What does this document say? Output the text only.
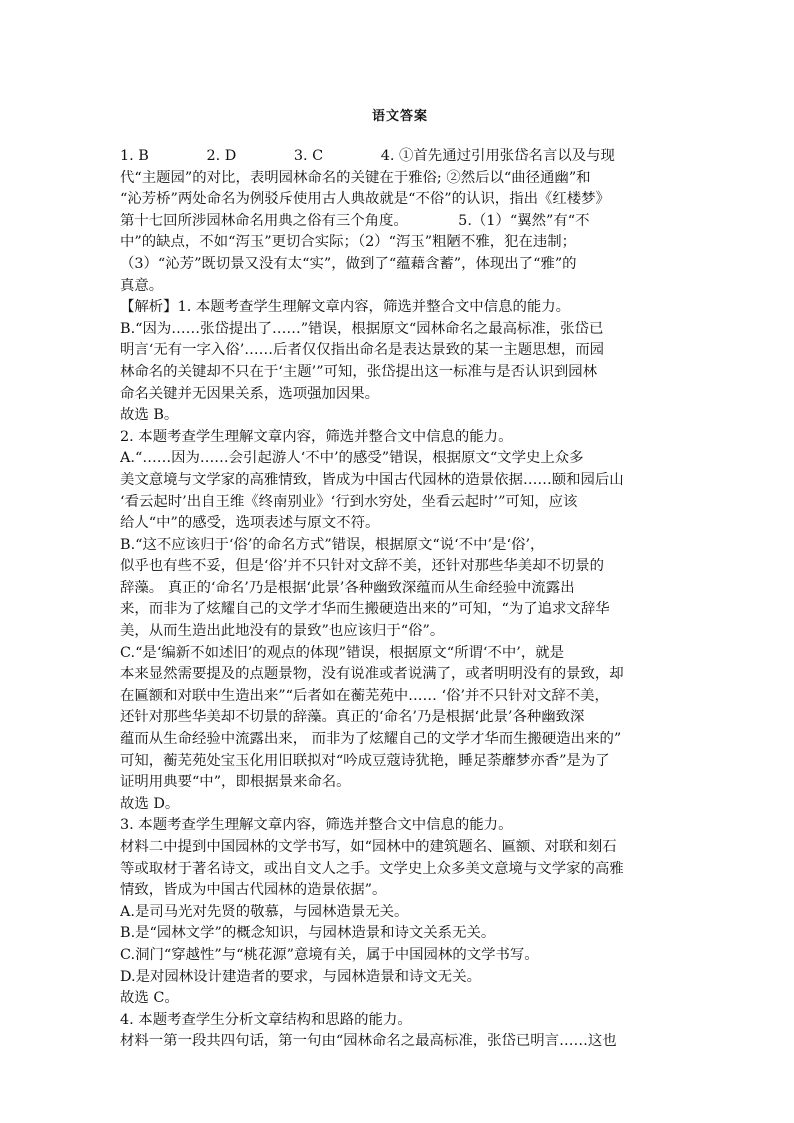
语文答案
1. B　　　　2. D　　　　3. C　　　　4. ①首先通过引用张岱名言以及与现
代“主题园”的对比，表明园林命名的关键在于雅俗; ②然后以“曲径通幽”和
“沁芳桥”两处命名为例驳斥使用古人典故就是“不俗”的认识，指出《红楼梦》
第十七回所涉园林命名用典之俗有三个角度。　　　　5.（1）“翼然”有“不
中”的缺点，不如“泻玉”更切合实际；（2）“泻玉”粗陋不雅，犯在违制；
（3）“沁芳”既切景又没有太“实”，做到了“蕴藉含蓄”，体现出了“雅”的
真意。
【解析】1. 本题考查学生理解文章内容，筛选并整合文中信息的能力。
B.“因为……张岱提出了……”错误，根据原文“园林命名之最高标准，张岱已
明言‘无有一字入俗’……后者仅仅指出命名是表达景致的某一主题思想，而园
林命名的关键却不只在于‘主题’”可知，张岱提出这一标准与是否认识到园林
命名关键并无因果关系，选项强加因果。
故选 B。
2. 本题考查学生理解文章内容，筛选并整合文中信息的能力。
A.“……因为……会引起游人‘不中’的感受”错误，根据原文“文学史上众多
美文意境与文学家的高雅情致，皆成为中国古代园林的造景依据……颐和园后山
‘看云起时’出自王维《终南别业》‘行到水穷处，坐看云起时’”可知，应该
给人“中”的感受，选项表述与原文不符。
B.“这不应该归于‘俗’的命名方式”错误，根据原文“说‘不中’是‘俗’，
似乎也有些不妥，但是‘俗’并不只针对文辞不美，还针对那些华美却不切景的
辞藻。 真正的‘命名’乃是根据‘此景’各种幽致深蕴而从生命经验中流露出
来，而非为了炫耀自己的文学才华而生搬硬造出来的”可知，“为了追求文辞华
美，从而生造出此地没有的景致”也应该归于“俗”。
C.“是‘编新不如述旧’的观点的体现”错误，根据原文“所谓‘不中’，就是
本来显然需要提及的点题景物，没有说准或者说满了，或者明明没有的景致，却
在匾额和对联中生造出来”“后者如在蘅芜苑中…… ‘俗’并不只针对文辞不美，
还针对那些华美却不切景的辞藻。真正的‘命名’乃是根据‘此景’各种幽致深
蕴而从生命经验中流露出来， 而非为了炫耀自己的文学才华而生搬硬造出来的”
可知，蘅芜苑处宝玉化用旧联拟对“吟成豆蔻诗犹艳，睡足荼蘼梦亦香”是为了
证明用典要“中”，即根据景来命名。
故选 D。
3. 本题考查学生理解文章内容，筛选并整合文中信息的能力。
材料二中提到中国园林的文学书写，如“园林中的建筑题名、匾额、对联和刻石
等或取材于著名诗文，或出自文人之手。文学史上众多美文意境与文学家的高雅
情致，皆成为中国古代园林的造景依据”。
A.是司马光对先贤的敬慕，与园林造景无关。
B.是“园林文学”的概念知识，与园林造景和诗文关系无关。
C.洞门“穿越性”与“桃花源”意境有关，属于中国园林的文学书写。
D.是对园林设计建造者的要求，与园林造景和诗文无关。
故选 C。
4. 本题考查学生分析文章结构和思路的能力。
材料一第一段共四句话，第一句由“园林命名之最高标准，张岱已明言……这也
